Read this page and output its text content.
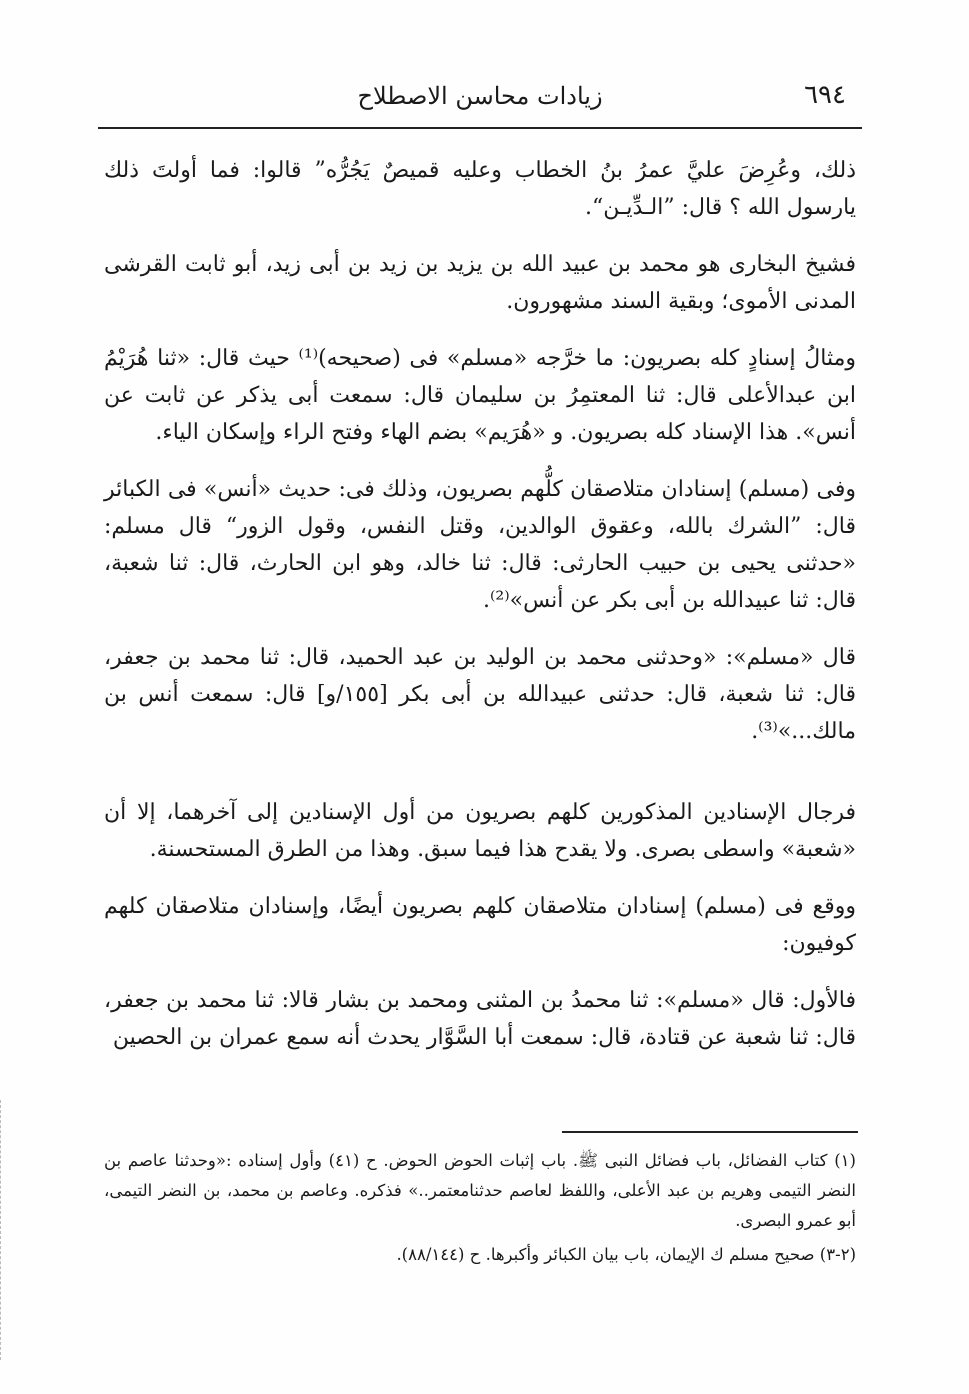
٦٩٤
زيادات محاسن الاصطلاح

ذلك، وعُرِضَ عليَّ عمرُ بنُ الخطاب وعليه قميصٌ يَجُرُّه” قالوا: فما أولتَ ذلك يارسول الله ؟ قال: ”الـدِّيـن“.

فشيخ البخارى هو محمد بن عبيد الله بن يزيد بن زيد بن أبى زيد، أبو ثابت القرشى المدنى الأموى؛ وبقية السند مشهورون.

ومثالُ إسنادٍ كله بصريون: ما خرَّجه «مسلم» فى (صحيحه)⁽¹⁾ حيث قال: «ثنا هُرَيْمُ ابن عبدالأعلى قال: ثنا المعتمِرُ بن سليمان قال: سمعت أبى يذكر عن ثابت عن أنس». هذا الإسناد كله بصريون. و «هُرَيم» بضم الهاء وفتح الراء وإسكان الياء.

وفى (مسلم) إسنادان متلاصقان كلُّهم بصريون، وذلك فى: حديث «أنس» فى الكبائر قال: ”الشرك بالله، وعقوق الوالدين، وقتل النفس، وقول الزور“ قال مسلم: «حدثنى يحيى بن حبيب الحارثى: قال: ثنا خالد، وهو ابن الحارث، قال: ثنا شعبة، قال: ثنا عبيدالله بن أبى بكر عن أنس»⁽²⁾.

قال «مسلم»: «وحدثنى محمد بن الوليد بن عبد الحميد، قال: ثنا محمد بن جعفر، قال: ثنا شعبة، قال: حدثنى عبيدالله بن أبى بكر [١٥٥/و] قال: سمعت أنس بن مالك...»⁽³⁾.

فرجال الإسنادين المذكورين كلهم بصريون من أول الإسنادين إلى آخرهما، إلا أن «شعبة» واسطى بصرى. ولا يقدح هذا فيما سبق. وهذا من الطرق المستحسنة.

ووقع فى (مسلم) إسنادان متلاصقان كلهم بصريون أيضًا، وإسنادان متلاصقان كلهم كوفيون:

فالأول: قال «مسلم»: ثنا محمدُ بن المثنى ومحمد بن بشار قالا: ثنا محمد بن جعفر، قال: ثنا شعبة عن قتادة، قال: سمعت أبا السَّوَّار يحدث أنه سمع عمران بن الحصين

(١) كتاب الفضائل، باب فضائل النبى ﷺ. باب إثبات الحوض الحوض. ح (٤١) وأول إسناده :«وحدثنا عاصم بن النضر التيمى وهريم بن عبد الأعلى، واللفظ لعاصم حدثنامعتمر..» فذكره. وعاصم بن محمد، بن النضر التيمى، أبو عمرو البصرى.

(٢-٣) صحيح مسلم ك الإيمان، باب بيان الكبائر وأكبرها. ح (٨٨/١٤٤).
